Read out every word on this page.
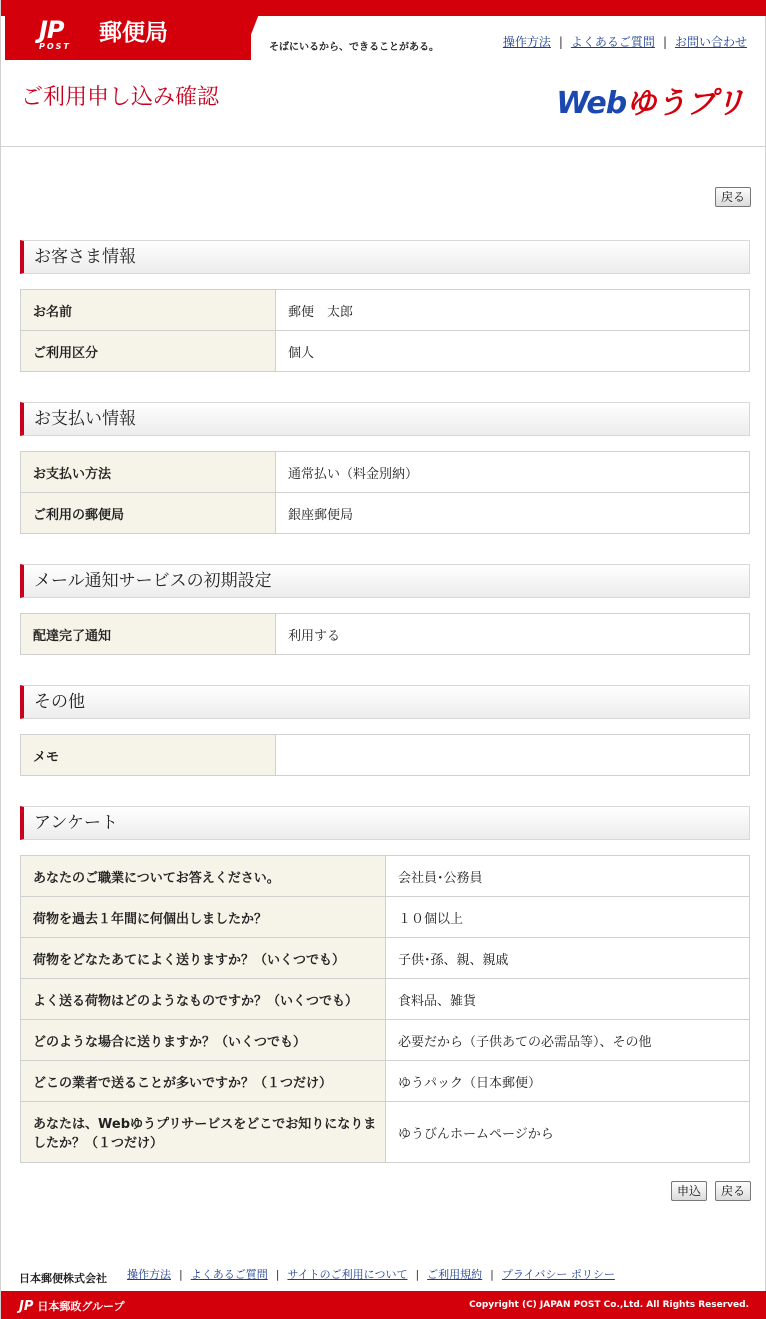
JP
POST
郵便局
そばにいるから、できることがある。	操作方法 | よくあるご質問 | お問い合わせ
ご利用申し込み確認	Webゆうプリ
戻る
お客さま情報
お名前	郵便　太郎
ご利用区分	個人
お支払い情報
お支払い方法	通常払い（料金別納）
ご利用の郵便局	銀座郵便局
メール通知サービスの初期設定
配達完了通知	利用する
その他
メモ	
アンケート
あなたのご職業についてお答えください。	会社員･公務員
荷物を過去１年間に何個出しましたか？	１０個以上
荷物をどなたあてによく送りますか？（いくつでも）	子供･孫、親、親戚
よく送る荷物はどのようなものですか？（いくつでも）	食料品、雑貨
どのような場合に送りますか？（いくつでも）	必要だから（子供あての必需品等）、その他
どこの業者で送ることが多いですか？（１つだけ）	ゆうパック（日本郵便）
あなたは、Webゆうプリサービスをどこでお知りになりましたか？（１つだけ）	ゆうびんホームページから
申込	戻る
日本郵便株式会社 操作方法 | よくあるご質問 | サイトのご利用について | ご利用規約 | プライバシー ポリシー
JP 日本郵政グループ	Copyright (C) JAPAN POST Co.,Ltd. All Rights Reserved.
